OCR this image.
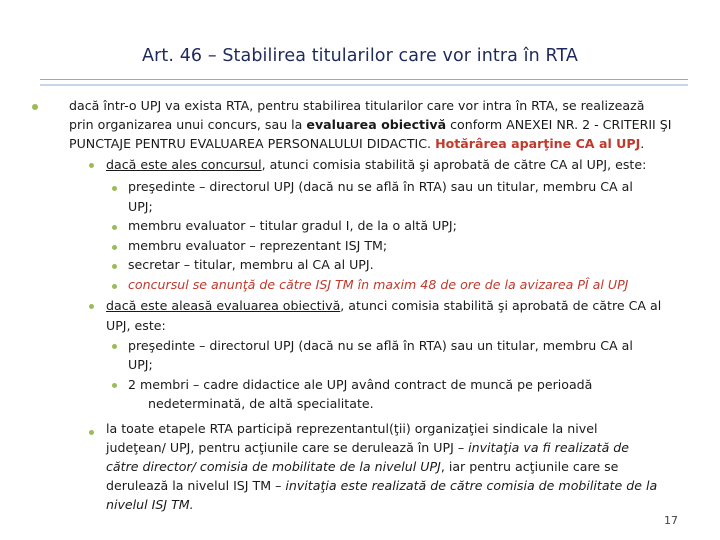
Art. 46 – Stabilirea titularilor care vor intra în RTA

dacă într-o UPJ va exista RTA, pentru stabilirea titularilor care vor intra în RTA, se realizează

prin organizarea unui concurs, sau la evaluarea obiectivă conform ANEXEI NR. 2 - CRITERII ŞI

PUNCTAJE PENTRU EVALUAREA PERSONALULUI DIDACTIC. Hotărârea aparţine CA al UPJ.

dacă este ales concursul, atunci comisia stabilită şi aprobată de către CA al UPJ, este:

preşedinte – directorul UPJ (dacă nu se află în RTA) sau un titular, membru CA al

UPJ;

membru evaluator – titular gradul I, de la o altă UPJ;

membru evaluator – reprezentant ISJ TM;

secretar – titular, membru al CA al UPJ.

concursul se anunţă de către ISJ TM în maxim 48 de ore de la avizarea PÎ al UPJ

dacă este aleasă evaluarea obiectivă, atunci comisia stabilită şi aprobată de către CA al

UPJ, este:

preşedinte – directorul UPJ (dacă nu se află în RTA) sau un titular, membru CA al

UPJ;

2 membri – cadre didactice ale UPJ având contract de muncă pe perioadă

nedeterminată, de altă specialitate.

la toate etapele RTA participă reprezentantul(ţii) organizaţiei sindicale la nivel

judeţean/ UPJ, pentru acţiunile care se derulează în UPJ – invitaţia va fi realizată de

către director/ comisia de mobilitate de la nivelul UPJ, iar pentru acţiunile care se

derulează la nivelul ISJ TM – invitaţia este realizată de către comisia de mobilitate de la

nivelul ISJ TM.

17
